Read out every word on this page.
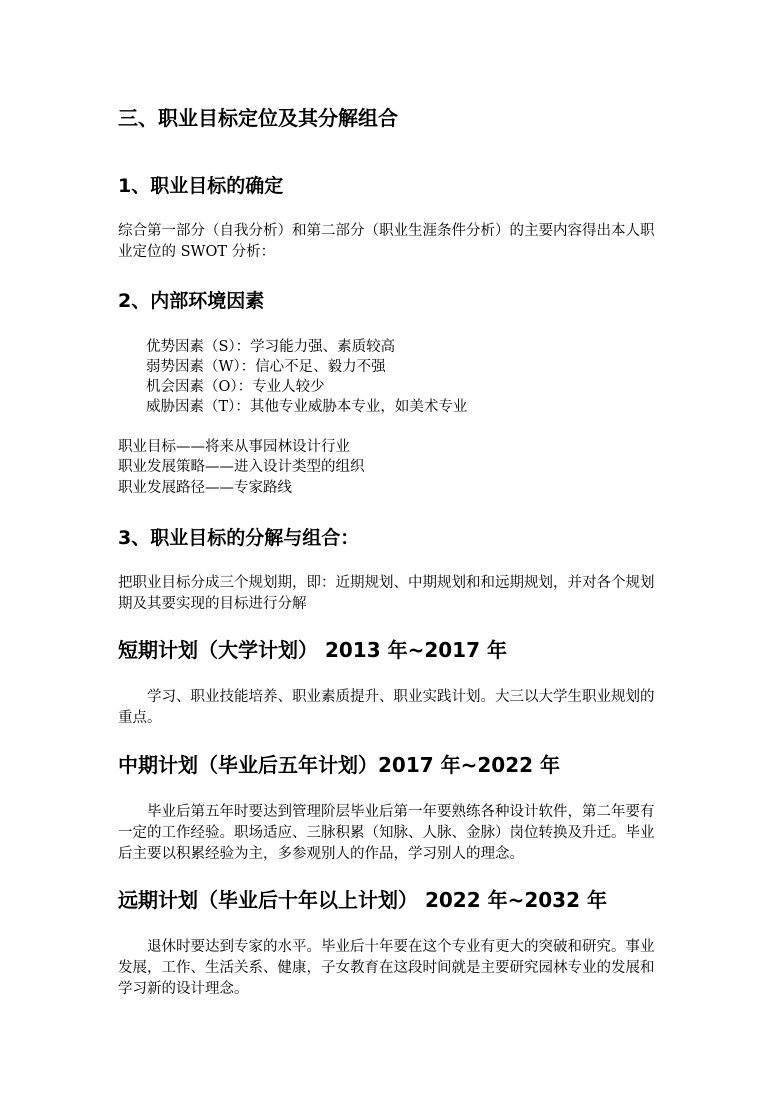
三、职业目标定位及其分解组合
1、职业目标的确定
综合第一部分（自我分析）和第二部分（职业生涯条件分析）的主要内容得出本人职业定位的 SWOT 分析：
2、内部环境因素
优势因素（S）：学习能力强、素质较高
弱势因素（W）：信心不足、毅力不强
机会因素（O）：专业人较少
威胁因素（T）：其他专业威胁本专业，如美术专业
职业目标——将来从事园林设计行业
职业发展策略——进入设计类型的组织
职业发展路径——专家路线
3、职业目标的分解与组合：
把职业目标分成三个规划期，即：近期规划、中期规划和和远期规划，并对各个规划期及其要实现的目标进行分解
短期计划（大学计划） 2013 年~2017 年
学习、职业技能培养、职业素质提升、职业实践计划。大三以大学生职业规划的重点。
中期计划（毕业后五年计划）2017 年~2022 年
毕业后第五年时要达到管理阶层毕业后第一年要熟练各种设计软件，第二年要有一定的工作经验。职场适应、三脉积累（知脉、人脉、金脉）岗位转换及升迁。毕业后主要以积累经验为主，多参观别人的作品，学习别人的理念。
远期计划（毕业后十年以上计划） 2022 年~2032 年
退休时要达到专家的水平。毕业后十年要在这个专业有更大的突破和研究。事业发展，工作、生活关系、健康，子女教育在这段时间就是主要研究园林专业的发展和学习新的设计理念。
